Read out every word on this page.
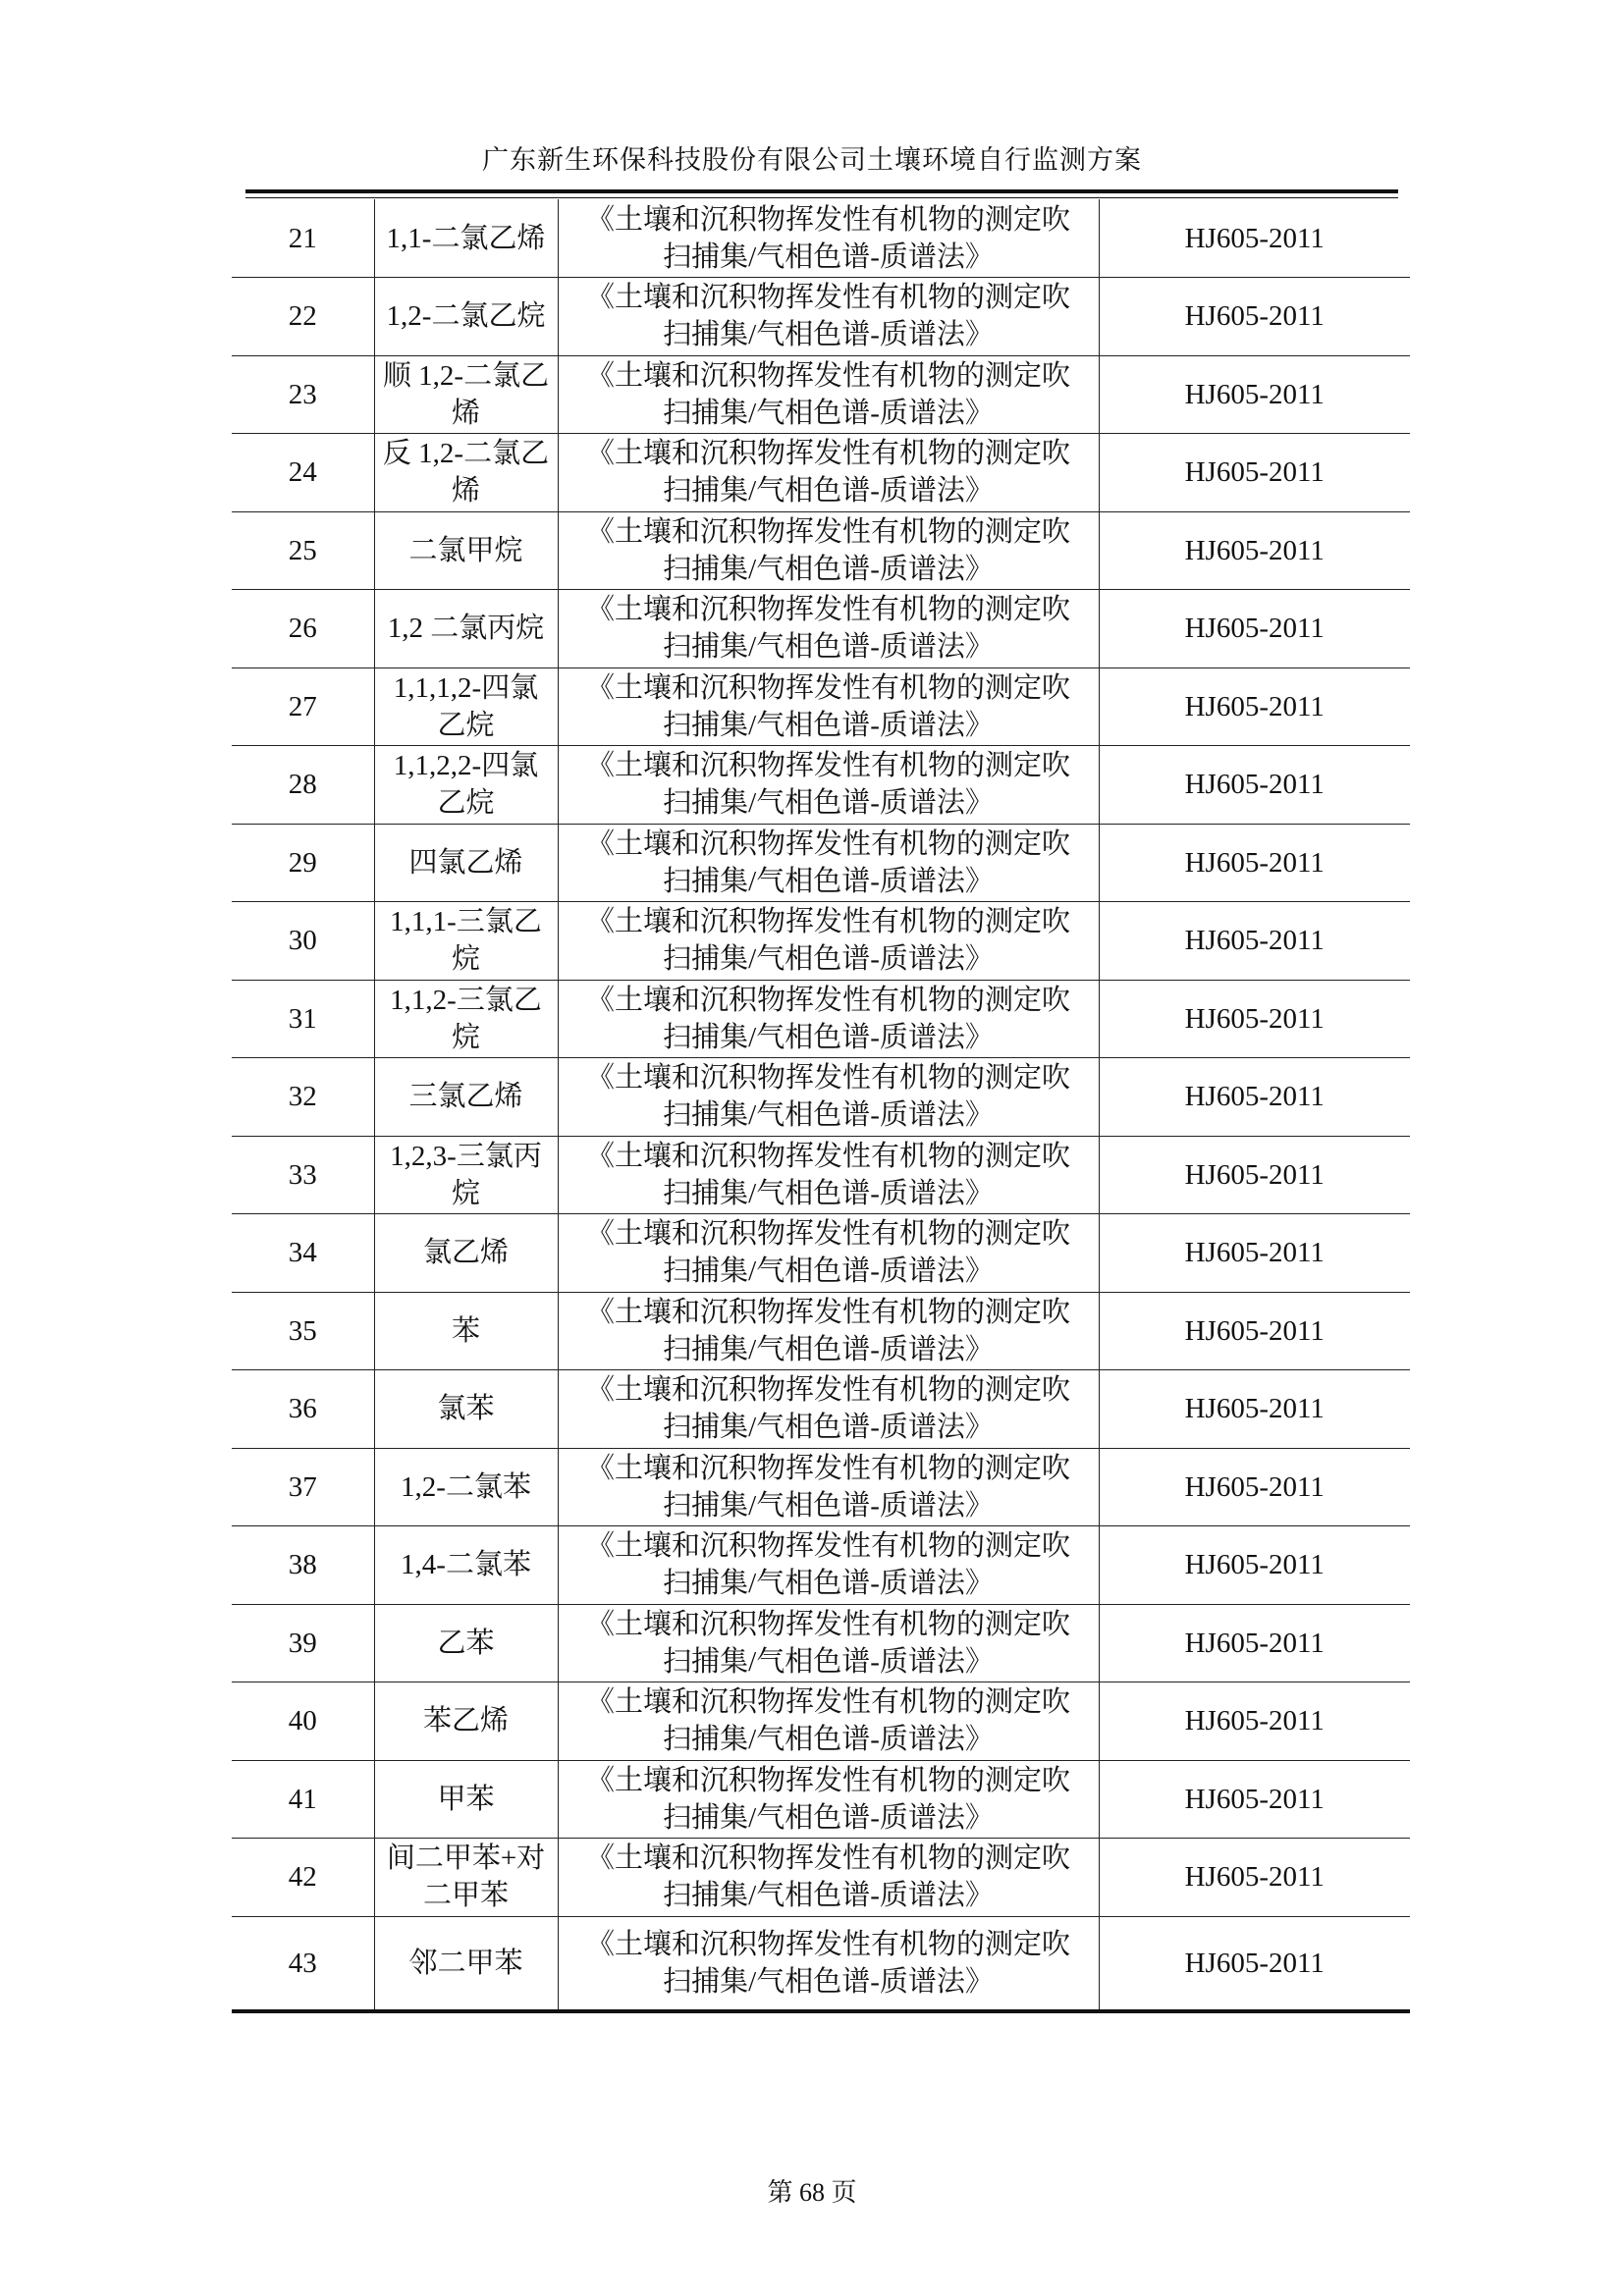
广东新生环保科技股份有限公司土壤环境自行监测方案
21	1,1-二氯乙烯	《土壤和沉积物挥发性有机物的测定吹扫捕集/气相色谱-质谱法》	HJ605-2011
22	1,2-二氯乙烷	《土壤和沉积物挥发性有机物的测定吹扫捕集/气相色谱-质谱法》	HJ605-2011
23	顺 1,2-二氯乙烯	《土壤和沉积物挥发性有机物的测定吹扫捕集/气相色谱-质谱法》	HJ605-2011
24	反 1,2-二氯乙烯	《土壤和沉积物挥发性有机物的测定吹扫捕集/气相色谱-质谱法》	HJ605-2011
25	二氯甲烷	《土壤和沉积物挥发性有机物的测定吹扫捕集/气相色谱-质谱法》	HJ605-2011
26	1,2 二氯丙烷	《土壤和沉积物挥发性有机物的测定吹扫捕集/气相色谱-质谱法》	HJ605-2011
27	1,1,1,2-四氯乙烷	《土壤和沉积物挥发性有机物的测定吹扫捕集/气相色谱-质谱法》	HJ605-2011
28	1,1,2,2-四氯乙烷	《土壤和沉积物挥发性有机物的测定吹扫捕集/气相色谱-质谱法》	HJ605-2011
29	四氯乙烯	《土壤和沉积物挥发性有机物的测定吹扫捕集/气相色谱-质谱法》	HJ605-2011
30	1,1,1-三氯乙烷	《土壤和沉积物挥发性有机物的测定吹扫捕集/气相色谱-质谱法》	HJ605-2011
31	1,1,2-三氯乙烷	《土壤和沉积物挥发性有机物的测定吹扫捕集/气相色谱-质谱法》	HJ605-2011
32	三氯乙烯	《土壤和沉积物挥发性有机物的测定吹扫捕集/气相色谱-质谱法》	HJ605-2011
33	1,2,3-三氯丙烷	《土壤和沉积物挥发性有机物的测定吹扫捕集/气相色谱-质谱法》	HJ605-2011
34	氯乙烯	《土壤和沉积物挥发性有机物的测定吹扫捕集/气相色谱-质谱法》	HJ605-2011
35	苯	《土壤和沉积物挥发性有机物的测定吹扫捕集/气相色谱-质谱法》	HJ605-2011
36	氯苯	《土壤和沉积物挥发性有机物的测定吹扫捕集/气相色谱-质谱法》	HJ605-2011
37	1,2-二氯苯	《土壤和沉积物挥发性有机物的测定吹扫捕集/气相色谱-质谱法》	HJ605-2011
38	1,4-二氯苯	《土壤和沉积物挥发性有机物的测定吹扫捕集/气相色谱-质谱法》	HJ605-2011
39	乙苯	《土壤和沉积物挥发性有机物的测定吹扫捕集/气相色谱-质谱法》	HJ605-2011
40	苯乙烯	《土壤和沉积物挥发性有机物的测定吹扫捕集/气相色谱-质谱法》	HJ605-2011
41	甲苯	《土壤和沉积物挥发性有机物的测定吹扫捕集/气相色谱-质谱法》	HJ605-2011
42	间二甲苯+对二甲苯	《土壤和沉积物挥发性有机物的测定吹扫捕集/气相色谱-质谱法》	HJ605-2011
43	邻二甲苯	《土壤和沉积物挥发性有机物的测定吹扫捕集/气相色谱-质谱法》	HJ605-2011
第 68 页
